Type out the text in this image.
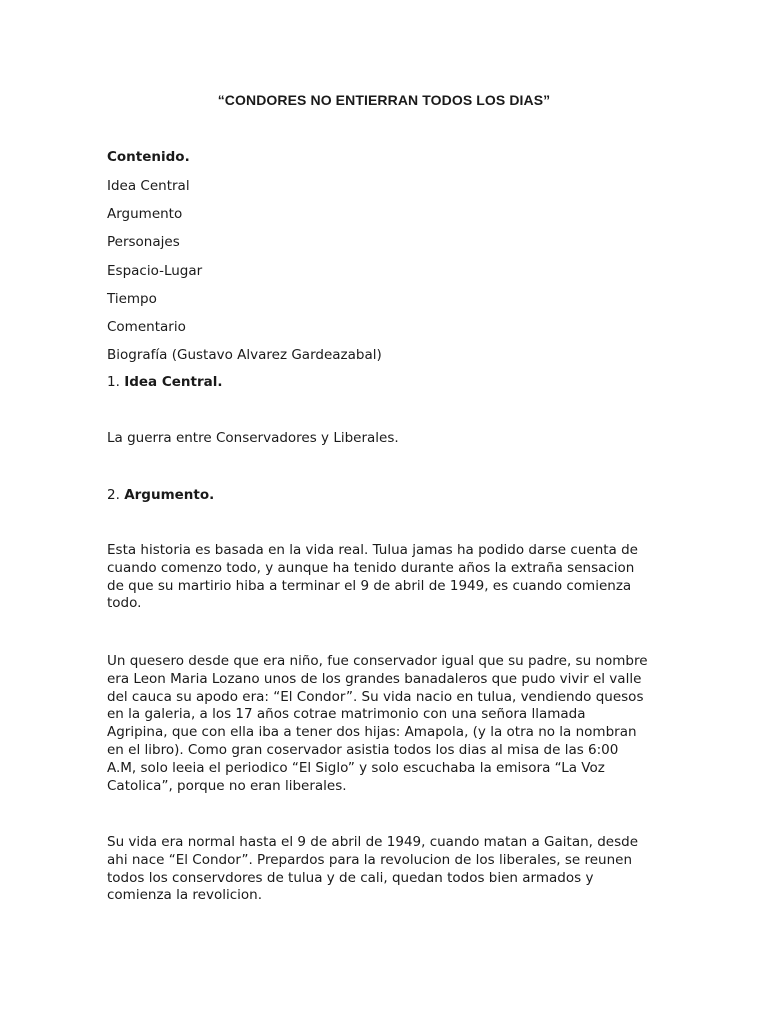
“CONDORES NO ENTIERRAN TODOS LOS DIAS”
Contenido.
Idea Central
Argumento
Personajes
Espacio-Lugar
Tiempo
Comentario
Biografía (Gustavo Alvarez Gardeazabal)
1. Idea Central.

La guerra entre Conservadores y Liberales.

2. Argumento.

Esta historia es basada en la vida real. Tulua jamas ha podido darse cuenta de
cuando comenzo todo, y aunque ha tenido durante años la extraña sensacion
de que su martirio hiba a terminar el 9 de abril de 1949, es cuando comienza
todo.

Un quesero desde que era niño, fue conservador igual que su padre, su nombre
era Leon Maria Lozano unos de los grandes banadaleros que pudo vivir el valle
del cauca su apodo era: “El Condor”. Su vida nacio en tulua, vendiendo quesos
en la galeria, a los 17 años cotrae matrimonio con una señora llamada
Agripina, que con ella iba a tener dos hijas: Amapola, (y la otra no la nombran
en el libro). Como gran coservador asistia todos los dias al misa de las 6:00
A.M, solo leeia el periodico “El Siglo” y solo escuchaba la emisora “La Voz
Catolica”, porque no eran liberales.

Su vida era normal hasta el 9 de abril de 1949, cuando matan a Gaitan, desde
ahi nace “El Condor”. Prepardos para la revolucion de los liberales, se reunen
todos los conservdores de tulua y de cali, quedan todos bien armados y
comienza la revolicion.
